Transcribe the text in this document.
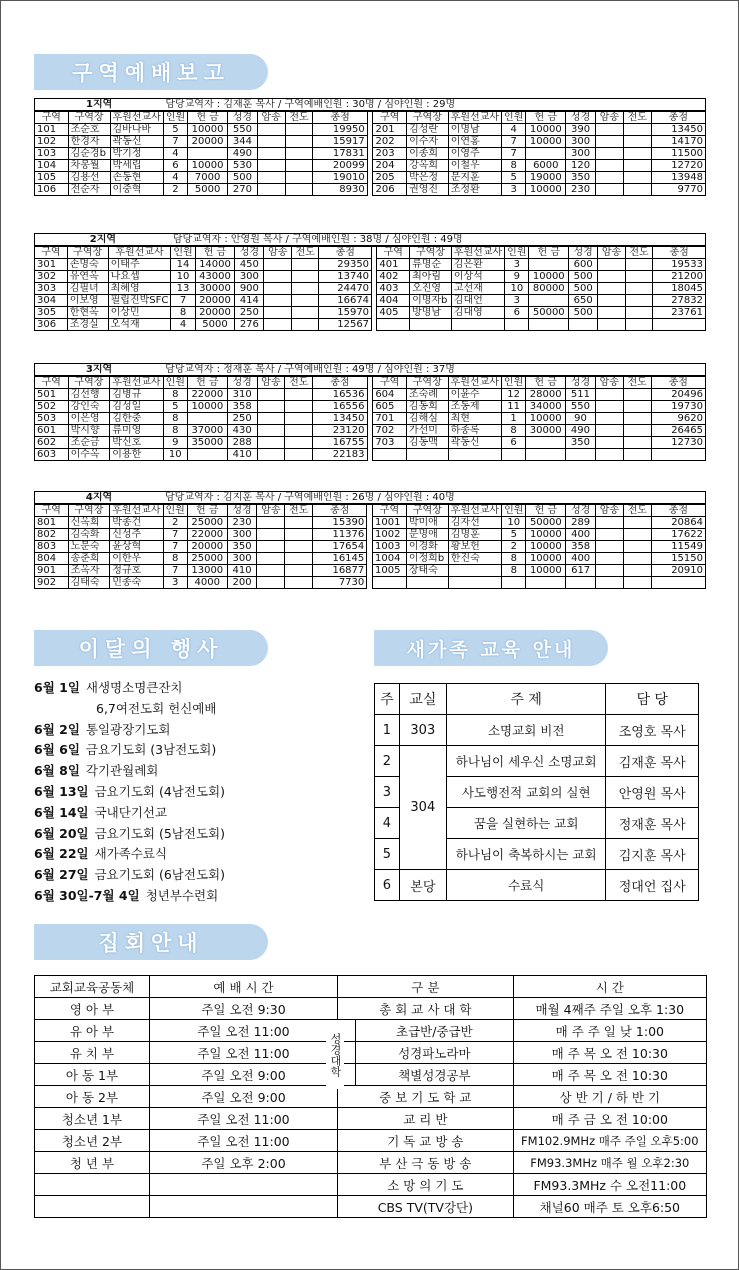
구역예배보고
1지역			담당교역자 : 김재훈 목사 / 구역예배인원 : 30명 / 심야인원 : 29명															
구역	구역장	후원선교사	인원	헌 금	성경	암송	전도	총점		구역	구역장	후원선교사	인원	헌 금	성경	암송	전도	총점
101	조순호	김바나바	5	10000	550			19950		201	김성란	이명남	4	10000	390			13450
102	한경자	곽동신	7	20000	344			15917		202	이수자	이연홍	7	10000	300			14170
103	김순경b	박기정	4		490			17831		203	이종희	이영주	7		300			11500
104	차봉월	박세립	6	10000	530			20099		204	강옥희	이철우	8	6000	120			12720
105	김용선	손동현	4	7000	500			19010		205	박은정	문지훈	5	19000	350			13948
106	전순자	이중혁	2	5000	270			8930		206	권영진	조정환	3	10000	230			9770
2지역			담당교역자 : 안영원 목사 / 구역예배인원 : 38명 / 심야인원 : 49명															
구역	구역장	후원선교사	인원	헌 금	성경	암송	전도	총점		구역	구역장	후원선교사	인원	헌 금	성경	암송	전도	총점
301	손명숙	이태주	14	14000	450			29350		401	류명순	김은환	3		600			19533
302	유연옥	나요셉	10	43000	300			13740		402	최아림	이상석	9	10000	500			21200
303	김필녀	최혜영	13	30000	900			24470		403	오진영	고선재	10	80000	500			18045
304	이보영	필립진박SFC	7	20000	414			16674		404	이명자b	김대언	3		650			27832
305	한현옥	이상민	8	20000	250			15970		405	방명남	김대영	6	50000	500			23761
306	조경실	오석재	4	5000	276			12567										
3지역			담당교역자 : 정재훈 목사 / 구역예배인원 : 49명 / 심야인원 : 37명															
구역	구역장	후원선교사	인원	헌 금	성경	암송	전도	총점		구역	구역장	후원선교사	인원	헌 금	성경	암송	전도	총점
501	김선행	김병규	8	22000	310			16536		604	조숙례	이윤수	12	28000	511			20496
502	강인숙	김성일	5	10000	358			16556		605	김동희	조동제	11	34000	550			19730
503	이은영	김한중	8		250			13450		701	김해심	최현	1	10000	90			9620
601	박시향	류미영	8	37000	430			23120		702	가선미	하종록	8	30000	490			26465
602	조순금	박신호	9	35000	288			16755		703	김동맥	곽동신	6		350			12730
603	이수옥	이용한	10		410			22183										
4지역			담당교역자 : 김지훈 목사 / 구역예배인원 : 26명 / 심야인원 : 40명															
구역	구역장	후원선교사	인원	헌 금	성경	암송	전도	총점		구역	구역장	후원선교사	인원	헌 금	성경	암송	전도	총점
801	신옥희	박종건	2	25000	230			15390		1001	박미애	김자선	10	50000	289			20864
802	김숙화	신성주	7	22000	300			11376		1002	문명애	김명훈	5	10000	400			17622
803	노문숙	윤상혁	7	20000	350			17654		1003	이경화	황보헌	2	10000	358			11549
804	송춘희	이한우	8	25000	300			16145		1004	이정희b	한진숙	8	10000	400			15150
901	조옥자	정규호	7	13000	410			16877		1005	장태숙		8	10000	617			20910
902	김태숙	민종숙	3	4000	200			7730										
이달의 행사
6월 1일 새생명소명큰잔치
6,7여전도회 헌신예배
6월 2일 통일광장기도회
6월 6일 금요기도회 (3남전도회)
6월 8일 각기관월례회
6월 13일 금요기도회 (4남전도회)
6월 14일 국내단기선교
6월 20일 금요기도회 (5남전도회)
6월 22일 새가족수료식
6월 27일 금요기도회 (6남전도회)
6월 30일-7월 4일 청년부수련회
새가족 교육 안내
주	교실	주 제	담 당
1	303	소명교회 비전	조영호 목사
2	304	하나님이 세우신 소명교회	김재훈 목사
3		사도행전적 교회의 실현	안영원 목사
4		꿈을 실현하는 교회	정재훈 목사
5		하나님이 축복하시는 교회	김지훈 목사
6	본당	수료식	정대언 집사
집회안내
교회교육공동체	예 배 시 간	구 분	시 간
영 아 부	주일 오전 9:30	총 회 교 사 대 학	매월 4째주 주일 오후 1:30
유 아 부	주일 오전 11:00	초급반/중급반	매 주 주 일 낮 1:00
유 치 부	주일 오전 11:00	성경파노라마	매 주 목 오 전 10:30
아 동 1부	주일 오전 9:00	책별성경공부	매 주 목 오 전 10:30
아 동 2부	주일 오전 9:00	중 보 기 도 학 교	상 반 기 / 하 반 기
청소년 1부	주일 오전 11:00	교 리 반	매 주 금 오 전 10:00
청소년 2부	주일 오전 11:00	기 독 교 방 송	FM102.9MHz 매주 주일 오후5:00
청 년 부	주일 오후 2:00	부 산 극 동 방 송	FM93.3MHz 매주 월 오후2:30
		소 망 의 기 도	FM93.3MHz 수 오전11:00
		CBS TV(TV강단)	채널60 매주 토 오후6:50
성경대학
